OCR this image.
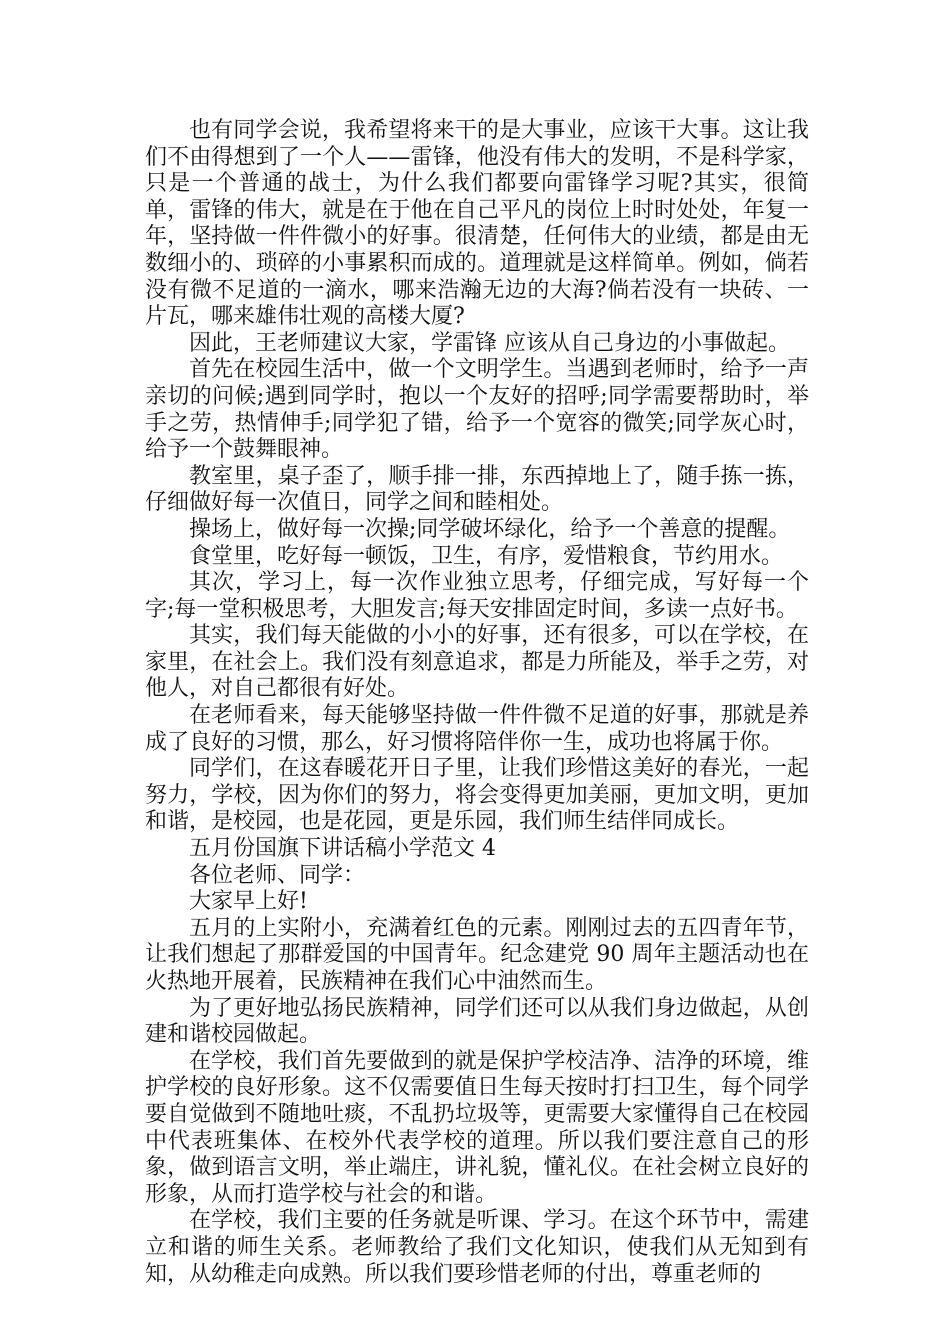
也有同学会说，我希望将来干的是大事业，应该干大事。这让我们不由得想到了一个人——雷锋，他没有伟大的发明，不是科学家，只是一个普通的战士，为什么我们都要向雷锋学习呢?其实，很简单，雷锋的伟大，就是在于他在自己平凡的岗位上时时处处，年复一年，坚持做一件件微小的好事。很清楚，任何伟大的业绩，都是由无数细小的、琐碎的小事累积而成的。道理就是这样简单。例如，倘若没有微不足道的一滴水，哪来浩瀚无边的大海?倘若没有一块砖、一片瓦，哪来雄伟壮观的高楼大厦?

因此，王老师建议大家，学雷锋 应该从自己身边的小事做起。

首先在校园生活中，做一个文明学生。当遇到老师时，给予一声亲切的问候;遇到同学时，抱以一个友好的招呼;同学需要帮助时，举手之劳，热情伸手;同学犯了错，给予一个宽容的微笑;同学灰心时，给予一个鼓舞眼神。

教室里，桌子歪了，顺手排一排，东西掉地上了，随手拣一拣，仔细做好每一次值日，同学之间和睦相处。

操场上，做好每一次操;同学破坏绿化，给予一个善意的提醒。

食堂里，吃好每一顿饭，卫生，有序，爱惜粮食，节约用水。

其次，学习上，每一次作业独立思考，仔细完成，写好每一个字;每一堂积极思考，大胆发言;每天安排固定时间，多读一点好书。

其实，我们每天能做的小小的好事，还有很多，可以在学校，在家里，在社会上。我们没有刻意追求，都是力所能及，举手之劳，对他人，对自己都很有好处。

在老师看来，每天能够坚持做一件件微不足道的好事，那就是养成了良好的习惯，那么，好习惯将陪伴你一生，成功也将属于你。

同学们，在这春暖花开日子里，让我们珍惜这美好的春光，一起努力，学校，因为你们的努力，将会变得更加美丽，更加文明，更加和谐，是校园，也是花园，更是乐园，我们师生结伴同成长。

五月份国旗下讲话稿小学范文 4

各位老师、同学：

大家早上好!

五月的上实附小，充满着红色的元素。刚刚过去的五四青年节，让我们想起了那群爱国的中国青年。纪念建党 90 周年主题活动也在火热地开展着，民族精神在我们心中油然而生。

为了更好地弘扬民族精神，同学们还可以从我们身边做起，从创建和谐校园做起。

在学校，我们首先要做到的就是保护学校洁净、洁净的环境，维护学校的良好形象。这不仅需要值日生每天按时打扫卫生，每个同学要自觉做到不随地吐痰，不乱扔垃圾等，更需要大家懂得自己在校园中代表班集体、在校外代表学校的道理。所以我们要注意自己的形象，做到语言文明，举止端庄，讲礼貌，懂礼仪。在社会树立良好的形象，从而打造学校与社会的和谐。

在学校，我们主要的任务就是听课、学习。在这个环节中，需建立和谐的师生关系。老师教给了我们文化知识，使我们从无知到有知，从幼稚走向成熟。所以我们要珍惜老师的付出，尊重老师的
